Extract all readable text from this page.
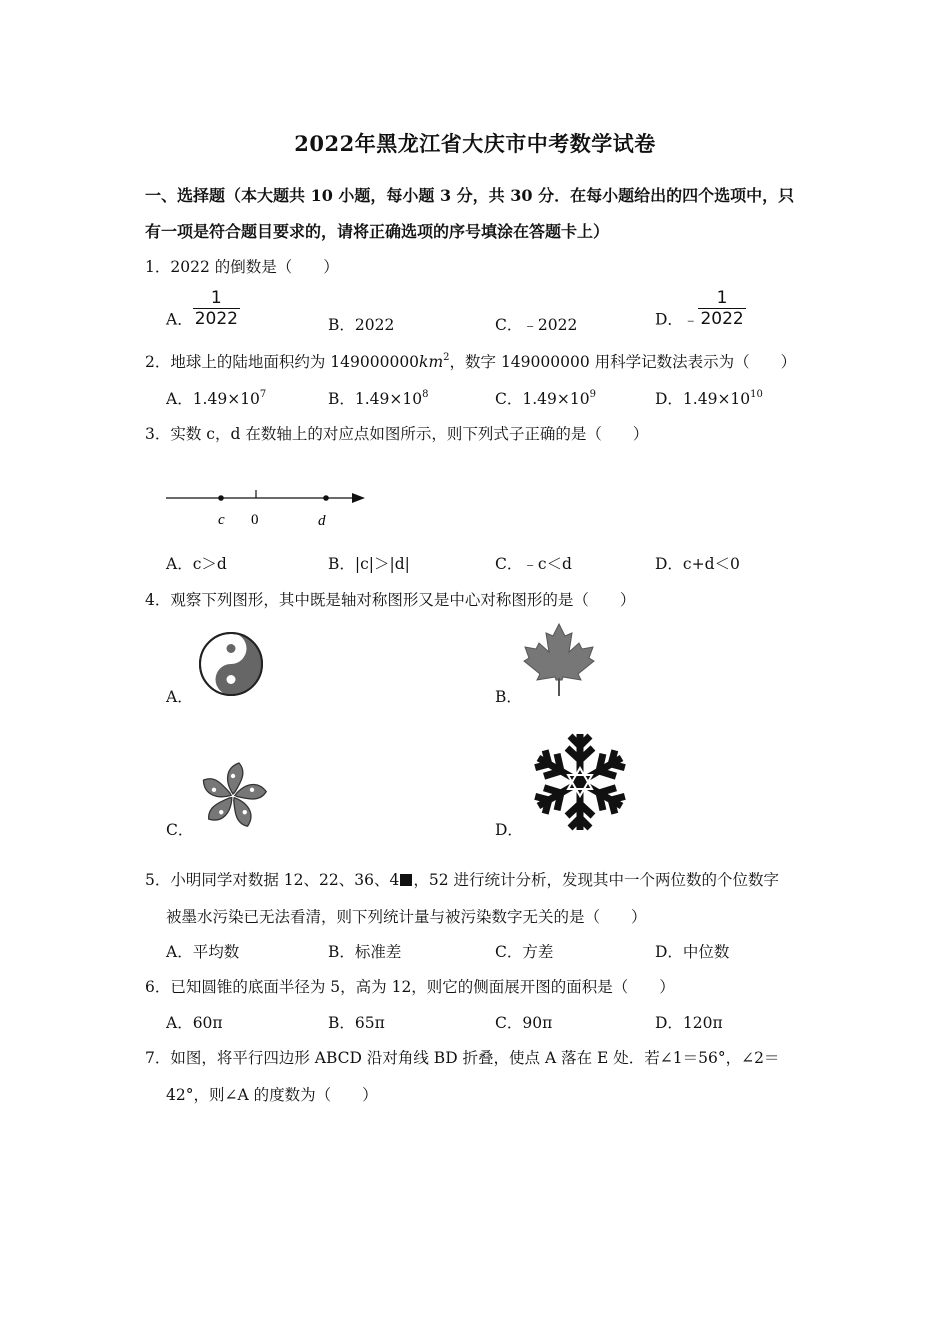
2022年黑龙江省大庆市中考数学试卷
一、选择题（本大题共 10 小题，每小题 3 分，共 30 分．在每小题给出的四个选项中，只
有一项是符合题目要求的，请将正确选项的序号填涂在答题卡上）
1．2022 的倒数是（　　）
A． $\frac{1}{2022}$	B．2022	C．﹣2022	D．﹣ $\frac{1}{2022}$
2．地球上的陆地面积约为 $149000000km^2$，数字 149000000 用科学记数法表示为（　　）
A．$1.49\times 10^7$	B．$1.49\times 10^8$	C．$1.49\times 10^9$	D．$1.49\times 10^{10}$
3．实数 c，d 在数轴上的对应点如图所示，则下列式子正确的是（　　）
c 0	d
A．c＞d	B．|c|＞|d|	C．﹣c＜d	D．c+d＜0
4．观察下列图形，其中既是轴对称图形又是中心对称图形的是（　　）
A．	B．
C．	D．
5．小明同学对数据 12、22、36、4 ，52 进行统计分析，发现其中一个两位数的个位数字
被墨水污染已无法看清，则下列统计量与被污染数字无关的是（　　）
A．平均数	B．标准差	C．方差	D．中位数
6．已知圆锥的底面半径为 5，高为 12，则它的侧面展开图的面积是（　　）
A．60π	B．65π	C．90π	D．120π
7．如图，将平行四边形 ABCD 沿对角线 BD 折叠，使点 A 落在 E 处．若∠1＝56°，∠2＝
42°，则∠A 的度数为（　　）
